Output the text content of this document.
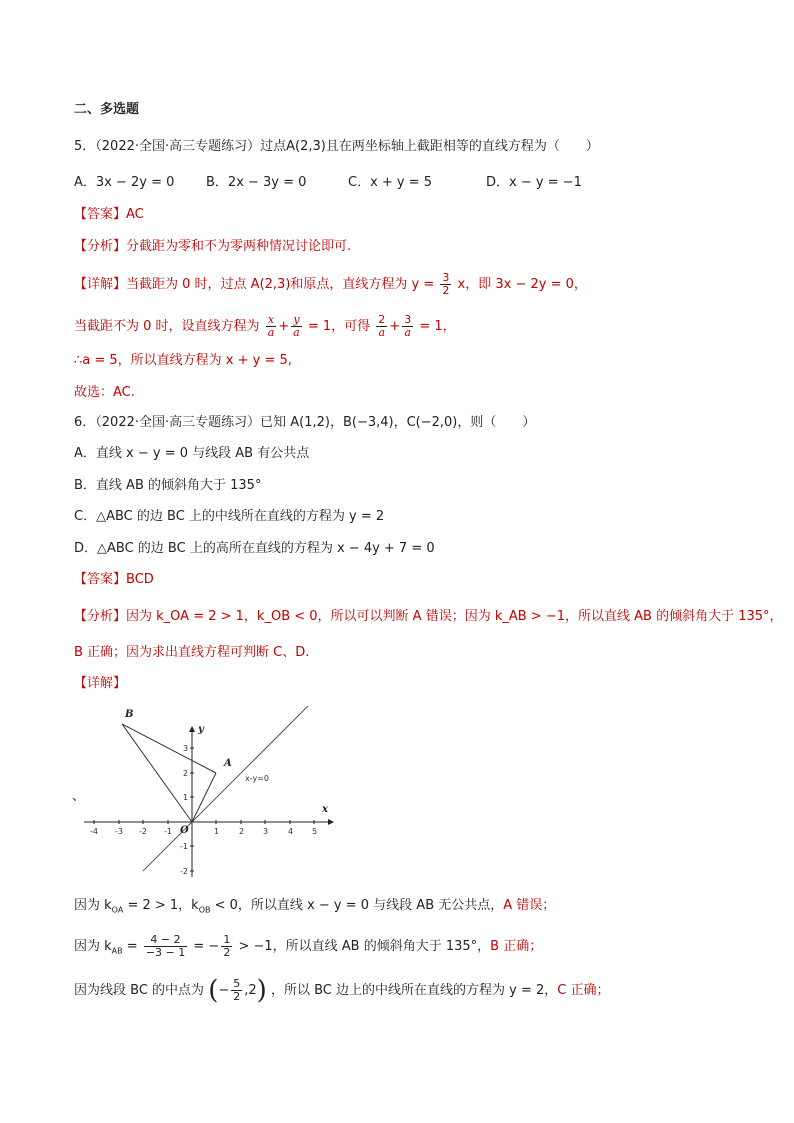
二、多选题
5．（2022·全国·高三专题练习）过点A(2,3)且在两坐标轴上截距相等的直线方程为（　　）
A．3x − 2y = 0 B．2x − 3y = 0	C．x + y = 5	D．x − y = −1
【答案】AC
【分析】分截距为零和不为零两种情况讨论即可.
【详解】当截距为 0 时，过点 A(2,3)和原点，直线方程为 $y = \frac{3}{2}$ x，即 3x − 2y = 0，
当截距不为 0 时，设直线方程为 $\frac{x}{a} + \frac{y}{a} = 1$，可得 $\frac{2}{a} + \frac{3}{a} = 1$，
∴a = 5，所以直线方程为 x + y = 5,
故选：AC.
6．（2022·全国·高三专题练习）已知 A(1,2)，B(−3,4)，C(−2,0)，则（　　）
A．直线 x − y = 0 与线段 AB 有公共点
B．直线 AB 的倾斜角大于 135°
C．△ABC 的边 BC 上的中线所在直线的方程为 y = 2
D．△ABC 的边 BC 上的高所在直线的方程为 x − 4y + 7 = 0
【答案】BCD
【分析】因为 k_OA = 2 > 1，k_OB < 0，所以可以判断 A 错误；因为 k_AB > −1，所以直线 AB 的倾斜角大于 135°，
B 正确；因为求出直线方程可判断 C、D.
【详解】
、
-4 -3 -2 -1	1 2 3 4 5
3
2
1
-1
-2
B
A
O
x
y
x-y=0
因为 $k_{OA} = 2 > 1$，$k_{OB} < 0$，所以直线 x − y = 0 与线段 AB 无公共点，A 错误；
因为 $k_{AB} = \frac{4 - 2}{-3 - 1}$ = − $\frac{1}{2} > -1$，所以直线 AB 的倾斜角大于 135°，B 正确；
因为线段 BC 的中点为 (− $\frac{5}{2} ,2$) ，所以 BC 边上的中线所在直线的方程为 y = 2，C 正确；
